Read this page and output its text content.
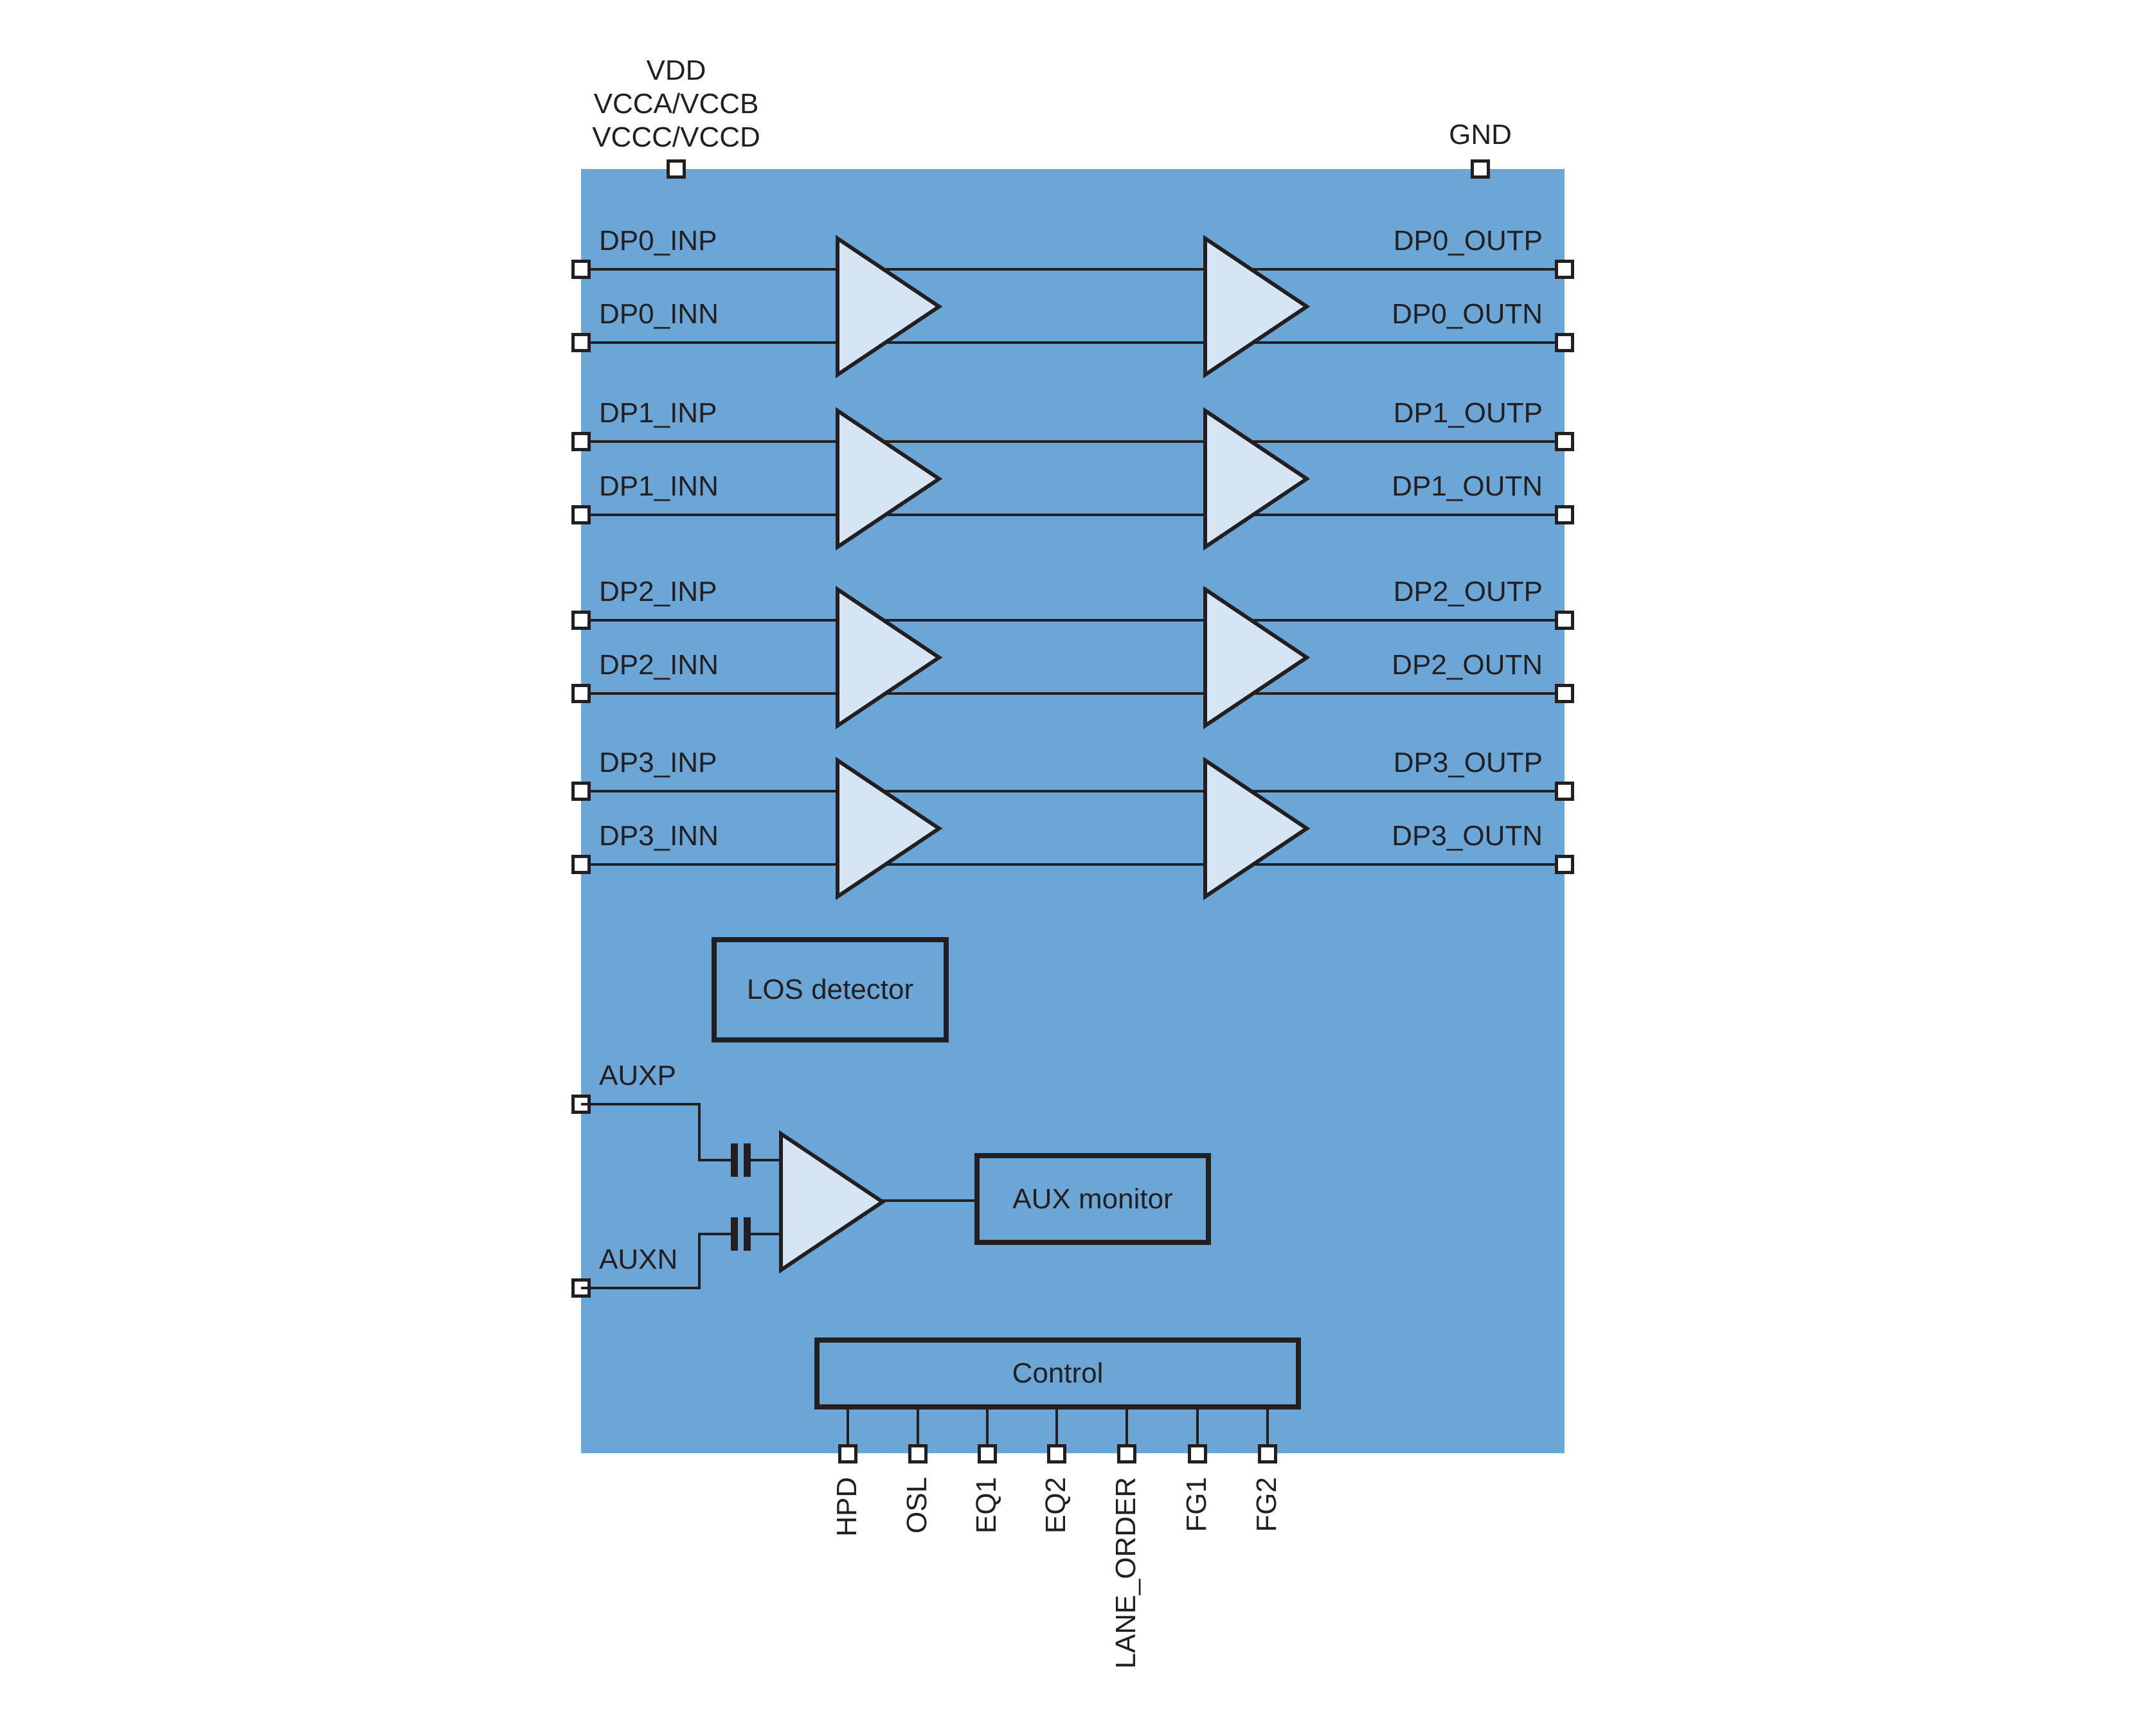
VDD
VCCA/VCCB
VCCC/VCCD	GND
DP0_INP
DP0_INN
DP1_INP
DP1_INN
DP2_INP
DP2_INN
DP3_INP
DP3_INN
DP0_OUTP
DP0_OUTN
DP1_OUTP
DP1_OUTN
DP2_OUTP
DP2_OUTN
DP3_OUTP
DP3_OUTN
LOS detector
AUXP
AUXN
AUX monitor
Control
HPD OSL EQ1 EQ2 LANE_ORDER FG1 FG2
